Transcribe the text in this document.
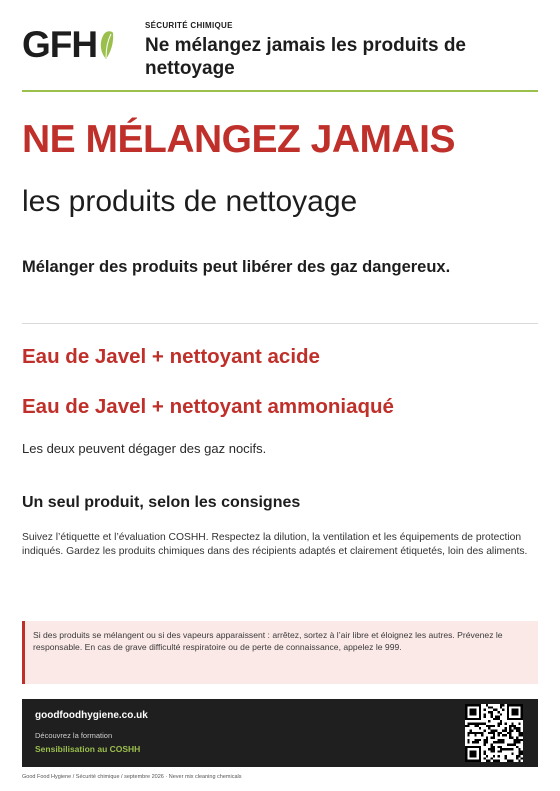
GFH	SÉCURITÉ CHIMIQUE
Ne mélangez jamais les produits de nettoyage
NE MÉLANGEZ JAMAIS
les produits de nettoyage
Mélanger des produits peut libérer des gaz dangereux.
Eau de Javel + nettoyant acide
Eau de Javel + nettoyant ammoniaqué
Les deux peuvent dégager des gaz nocifs.
Un seul produit, selon les consignes
Suivez l’étiquette et l’évaluation COSHH. Respectez la dilution, la ventilation et les équipements de protection indiqués. Gardez les produits chimiques dans des récipients adaptés et clairement étiquetés, loin des aliments.
Si des produits se mélangent ou si des vapeurs apparaissent : arrêtez, sortez à l’air libre et éloignez les autres. Prévenez le responsable. En cas de grave difficulté respiratoire ou de perte de connaissance, appelez le 999.
goodfoodhygiene.co.uk
Découvrez la formation
Sensibilisation au COSHH
Good Food Hygiene / Sécurité chimique / septembre 2026 · Never mix cleaning chemicals
